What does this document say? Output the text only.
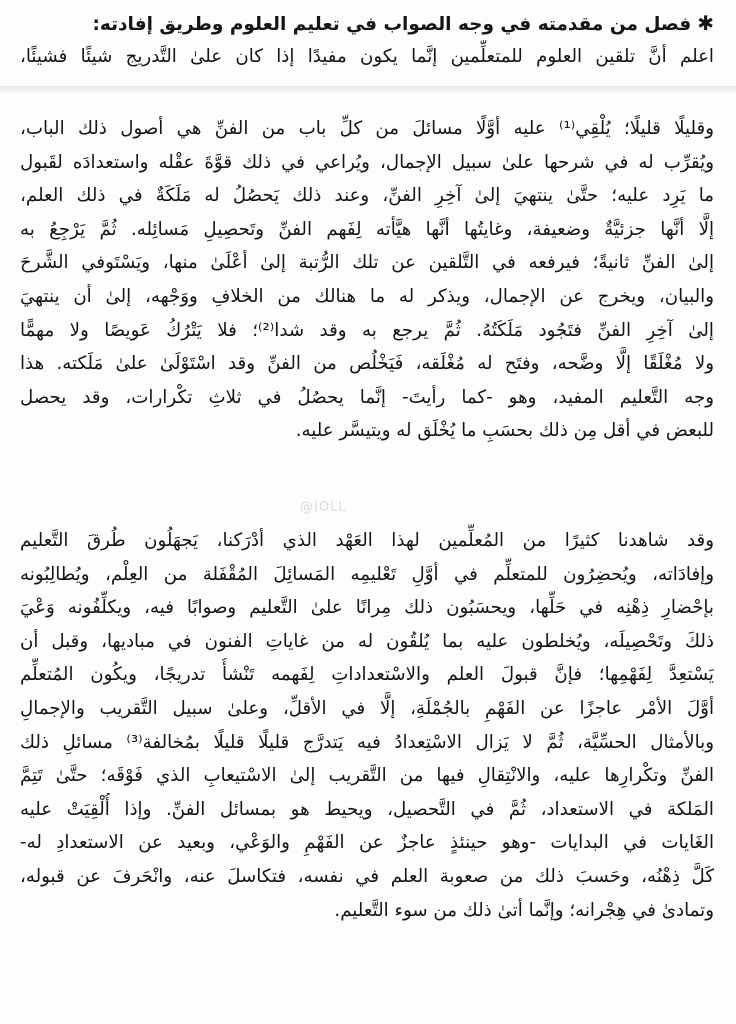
✱فصل من مقدمته في وجه الصواب في تعليم العلوم وطريق إفادته:
اعلم أنَّ تلقين العلوم للمتعلِّمين إنَّما يكون مفيدًا إذا كان علىٰ التَّدريج شيئًا فشيئًا،
وقليلًا قليلًا؛ يُلْقِي⁽¹⁾ عليه أوَّلًا مسائلَ من كلِّ باب من الفنِّ هي أصول ذلك الباب،
ويُقرِّب له في شرحها علىٰ سبيل الإجمال، ويُراعي في ذلك قوَّةَ عقْله واستعدادَه لقَبول
ما يَرِد عليه؛ حتَّىٰ ينتهيَ إلىٰ آخِرِ الفنِّ، وعند ذلك يَحصُلُ له مَلَكَةٌ في ذلك العلم،
إلَّا أنَّها جزئيَّةٌ وضعيفة، وغايتُها أنَّها هيَّأته لِفَهم الفنِّ وتَحصِيلِ مَسائِله. ثُمَّ يَرْجِعُ به
إلىٰ الفنِّ ثانيةً؛ فيرفعه في التَّلقين عن تلك الرُّتبة إلىٰ أعْلَىٰ منها، ويَسْتَوفي الشَّرحَ
والبيان، ويخرج عن الإجمال، ويذكر له ما هنالك من الخلافِ ووَجْهه، إلىٰ أن ينتهيَ
إلىٰ آخِرِ الفنِّ فتَجُود مَلَكَتُهُ. ثُمَّ يرجع به وقد شدا⁽²⁾؛ فلا يَتْرُكُ عَويصًا ولا مهمًّا
ولا مُغْلَقًا إلَّا وضَّحه، وفتَح له مُغْلَقه، فَيَخْلُص من الفنِّ وقد اسْتَوْلَىٰ علىٰ مَلَكته. هذا
وجه التَّعليم المفيد، وهو -كما رأيتَ- إنَّما يحصُلُ في ثلاثِ تكْرارات، وقد يحصل
للبعض في أقل مِن ذلك بحسَبِ ما يُخْلَق له ويتيسَّر عليه.
وقد شاهدنا كثيرًا من المُعلِّمين لهذا العَهْد الذي أدْرَكنا، يَجهَلُون طُرقَ التَّعليم
وإفادَاته، ويُحضِرُون للمتعلِّم في أوَّلِ تَعْليمِه المَسائِلَ المُقْفَلة من العِلْم، ويُطالِبُونه
بإحْضارِ ذِهْنِه في حَلِّها، ويحسَبُون ذلك مِرانًا علىٰ التَّعليم وصوابًا فيه، ويكلِّفُونه وَعْيَ
ذلكَ وتَحْصِيلَه، ويُخلطون عليه بما يُلقُون له من غاياتِ الفنون في مباديها، وقبل أن
يَسْتعِدَّ لِفَهْمِها؛ فإنَّ قبولَ العلم والاسْتعداداتِ لِفَهمه تَنْشأُ تدريجًا، ويكُون المُتعلِّم
أوَّلَ الأمْر عاجزًا عن الفَهْمِ بالجُمْلَةِ، إلَّا في الأقلِّ، وعلىٰ سبيل التَّقريب والإجمالِ
وبالأمثال الحسِّيَّة، ثُمَّ لا يَزال الاسْتِعدادُ فيه يَتدرَّج قليلًا قليلًا بمُخالفة⁽³⁾ مسائلِ ذلك
الفنِّ وتكْرارِها عليه، والانْتِقالِ فيها من التَّقريب إلىٰ الاسْتيعابِ الذي فَوْقَه؛ حتَّىٰ تَتِمَّ
المَلكة في الاستعداد، ثُمَّ في التَّحصيل، ويحيط هو بمسائل الفنِّ. وإذا أُلْقِيَتْ عليه
الغَايات في البدايات -وهو حينئذٍ عاجزٌ عن الفَهْمِ والوَعْي، وبعيد عن الاستعدادِ له-
كَلَّ ذِهْنُه، وحَسبَ ذلك من صعوبة العلم في نفسه، فتكاسلَ عنه، وانْحَرفَ عن قبوله،
وتمادىٰ في هِجْرانه؛ وإنَّما أتىٰ ذلك من سوء التَّعليم.
@IOLL
